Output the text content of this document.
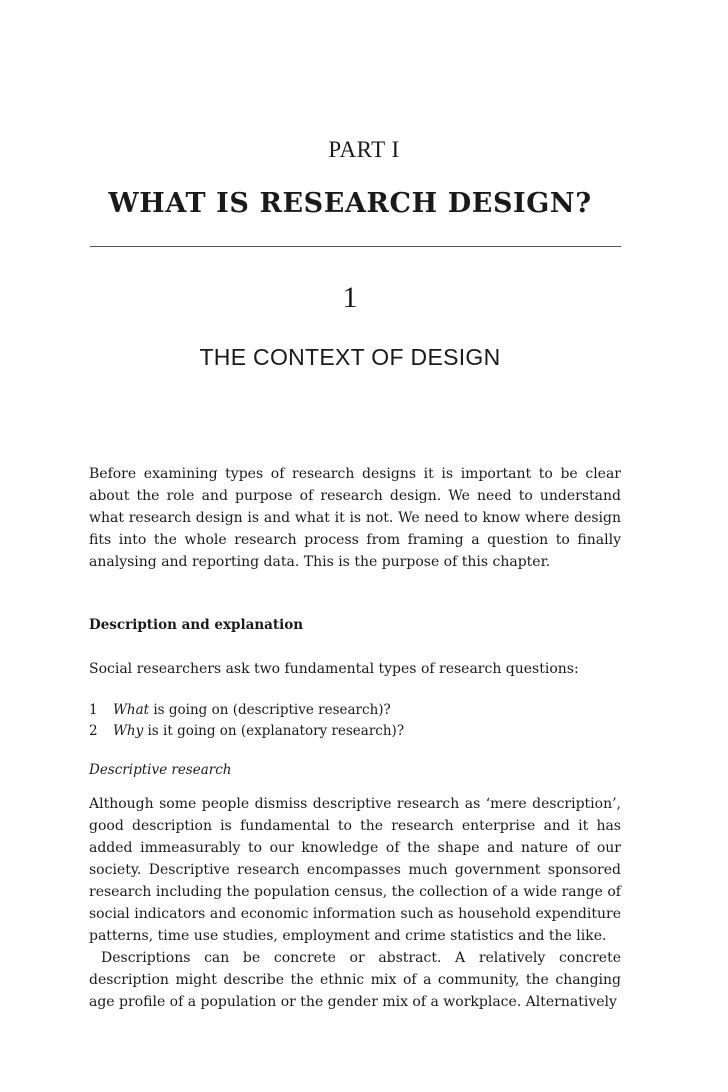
PART I
WHAT IS RESEARCH DESIGN?
1
THE CONTEXT OF DESIGN

Before examining types of research designs it is important to be clear about the role and purpose of research design. We need to understand what research design is and what it is not. We need to know where design fits into the whole research process from framing a question to finally analysing and reporting data. This is the purpose of this chapter.

Description and explanation

Social researchers ask two fundamental types of research questions:

1 What is going on (descriptive research)?
2 Why is it going on (explanatory research)?
Descriptive research

Although some people dismiss descriptive research as ‘mere description’, good description is fundamental to the research enterprise and it has added immeasurably to our knowledge of the shape and nature of our society. Descriptive research encompasses much government sponsored research including the population census, the collection of a wide range of social indicators and economic information such as household expenditure patterns, time use studies, employment and crime statistics and the like.

Descriptions can be concrete or abstract. A relatively concrete description might describe the ethnic mix of a community, the changing age profile of a population or the gender mix of a workplace. Alternatively
